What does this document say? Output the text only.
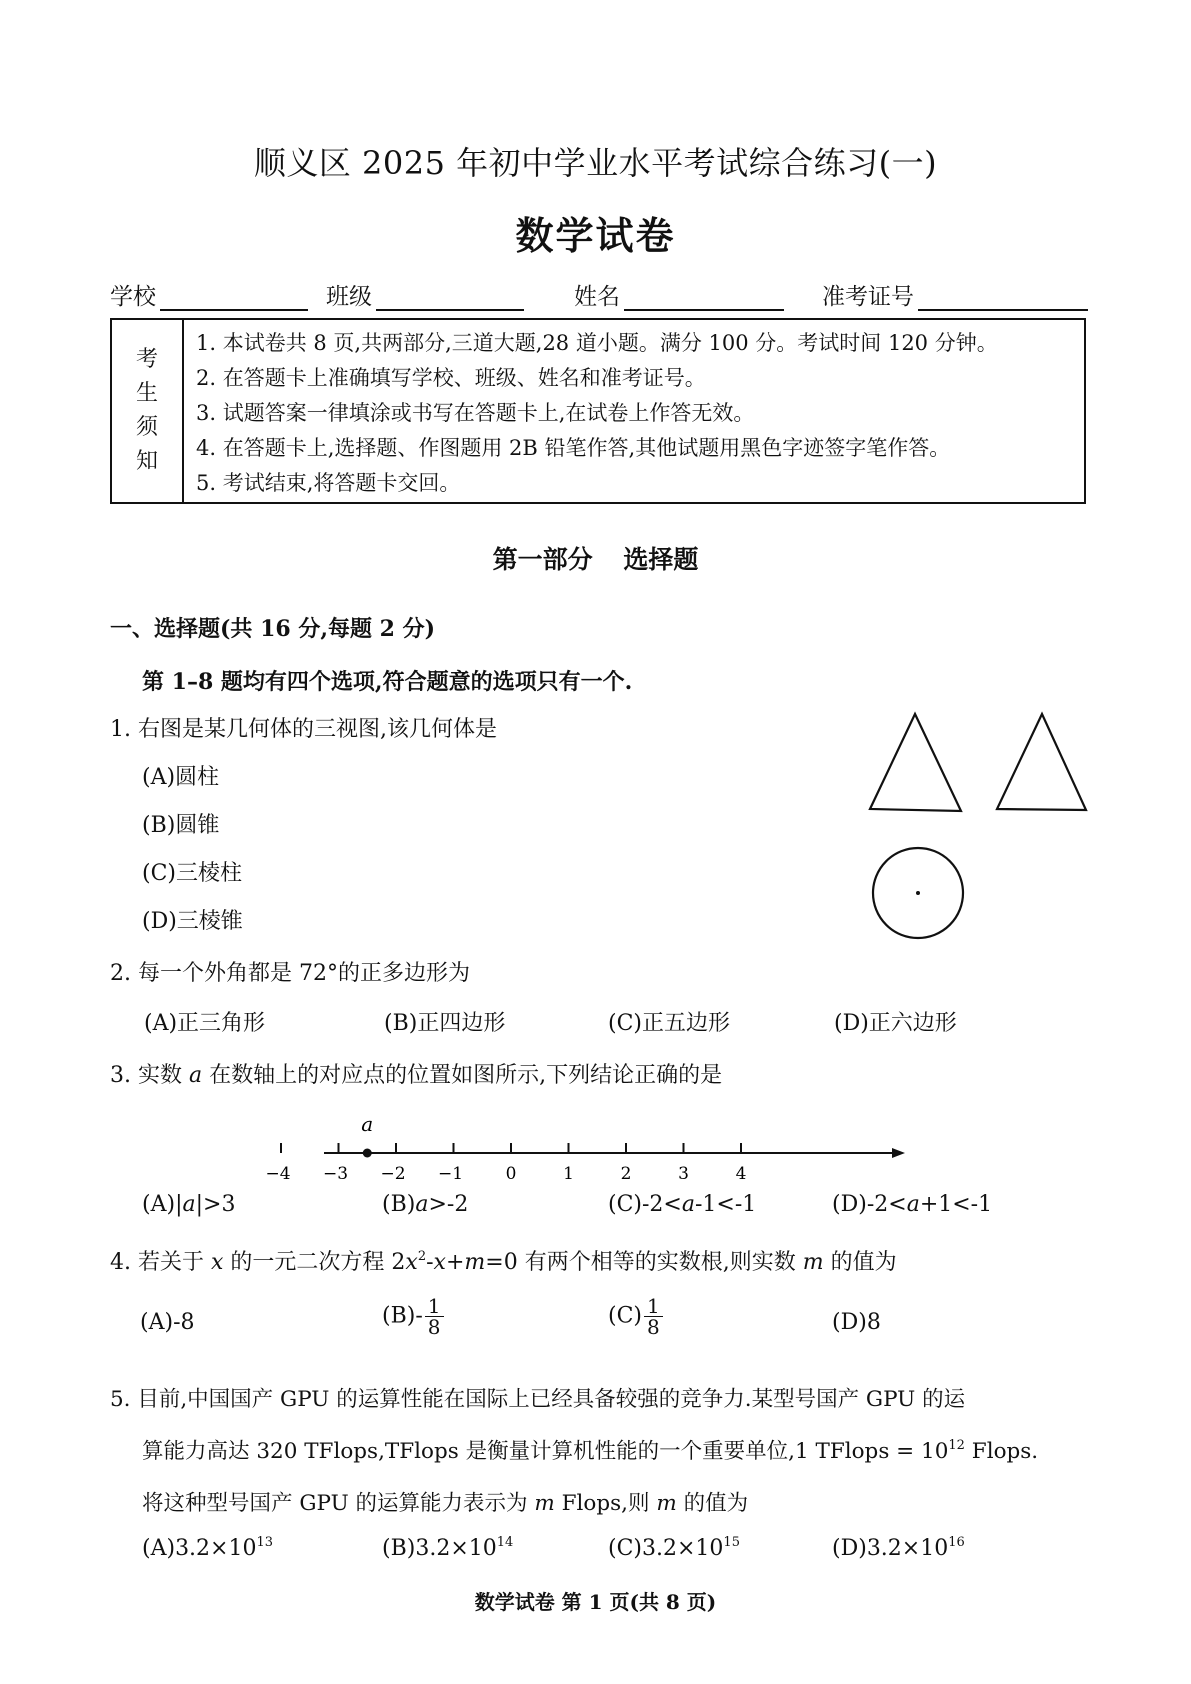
顺义区 2025 年初中学业水平考试综合练习(一)
数学试卷
学校	班级	姓名	准考证号
考
生
须
知
1. 本试卷共 8 页,共两部分,三道大题,28 道小题。满分 100 分。考试时间 120 分钟。
2. 在答题卡上准确填写学校、班级、姓名和准考证号。
3. 试题答案一律填涂或书写在答题卡上,在试卷上作答无效。
4. 在答题卡上,选择题、作图题用 2B 铅笔作答,其他试题用黑色字迹签字笔作答。
5. 考试结束,将答题卡交回。
第一部分 选择题
一、选择题(共 16 分,每题 2 分)
第 1–8 题均有四个选项,符合题意的选项只有一个.
1. 右图是某几何体的三视图,该几何体是
(A)圆柱
(B)圆锥
(C)三棱柱
(D)三棱锥
2. 每一个外角都是 72°的正多边形为
(A)正三角形	(B)正四边形	(C)正五边形	(D)正六边形
3. 实数 a 在数轴上的对应点的位置如图所示,下列结论正确的是
−4 −3 −2 −1	0	1	2	3	4
a
(A)|a|>3	(B)a>-2	(C)-2<a-1<-1	(D)-2<a+1<-1
4. 若关于 x 的一元二次方程 $2x^2-x+m=0$ 有两个相等的实数根,则实数 m 的值为
(A)-8	$(B)- \frac{1}{8}$	$(C) \frac{1}{8}$	(D)8
5. 目前,中国国产 GPU 的运算性能在国际上已经具备较强的竞争力.某型号国产 GPU 的运
算能力高达 320 TFlops,TFlops 是衡量计算机性能的一个重要单位,1 TFlops = $10^{12}$ Flops.
将这种型号国产 GPU 的运算能力表示为 m Flops,则 m 的值为
$(A)3.2\times 10^{13}$	$(B)3.2\times 10^{14}$	$(C)3.2\times 10^{15}$	$(D)3.2\times 10^{16}$
数学试卷 第 1 页(共 8 页)
